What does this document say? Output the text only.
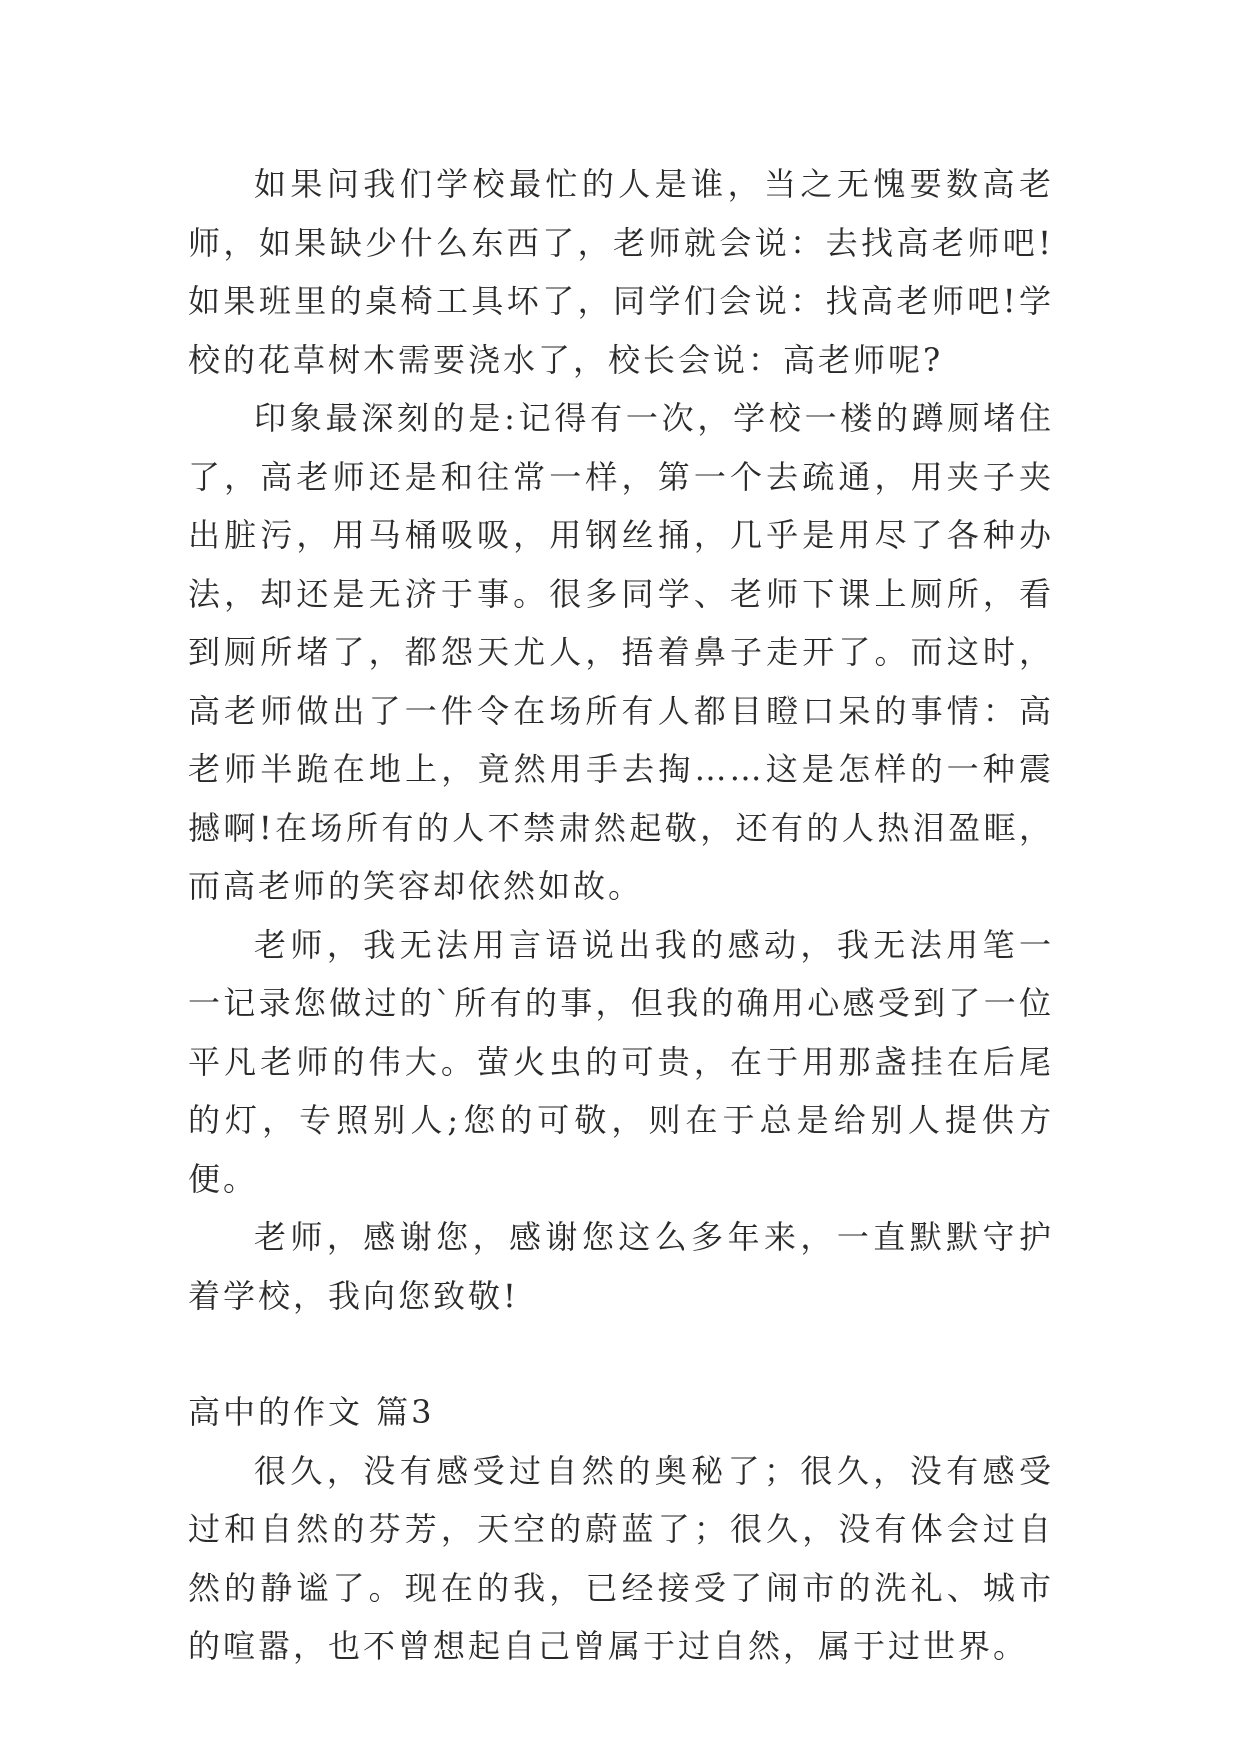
如果问我们学校最忙的人是谁，当之无愧要数高老师，如果缺少什么东西了，老师就会说：去找高老师吧!如果班里的桌椅工具坏了，同学们会说：找高老师吧!学校的花草树木需要浇水了，校长会说：高老师呢?

印象最深刻的是:记得有一次，学校一楼的蹲厕堵住了，高老师还是和往常一样，第一个去疏通，用夹子夹出脏污，用马桶吸吸，用钢丝捅，几乎是用尽了各种办法，却还是无济于事。很多同学、老师下课上厕所，看到厕所堵了，都怨天尤人，捂着鼻子走开了。而这时，高老师做出了一件令在场所有人都目瞪口呆的事情：高老师半跪在地上，竟然用手去掏……这是怎样的一种震撼啊!在场所有的人不禁肃然起敬，还有的人热泪盈眶，而高老师的笑容却依然如故。

老师，我无法用言语说出我的感动，我无法用笔一一记录您做过的`所有的事，但我的确用心感受到了一位平凡老师的伟大。萤火虫的可贵，在于用那盏挂在后尾的灯，专照别人;您的可敬，则在于总是给别人提供方便。

老师，感谢您，感谢您这么多年来，一直默默守护着学校，我向您致敬!

高中的作文 篇3

很久，没有感受过自然的奥秘了；很久，没有感受过和自然的芬芳，天空的蔚蓝了；很久，没有体会过自然的静谧了。现在的我，已经接受了闹市的洗礼、城市的喧嚣，也不曾想起自己曾属于过自然，属于过世界。
